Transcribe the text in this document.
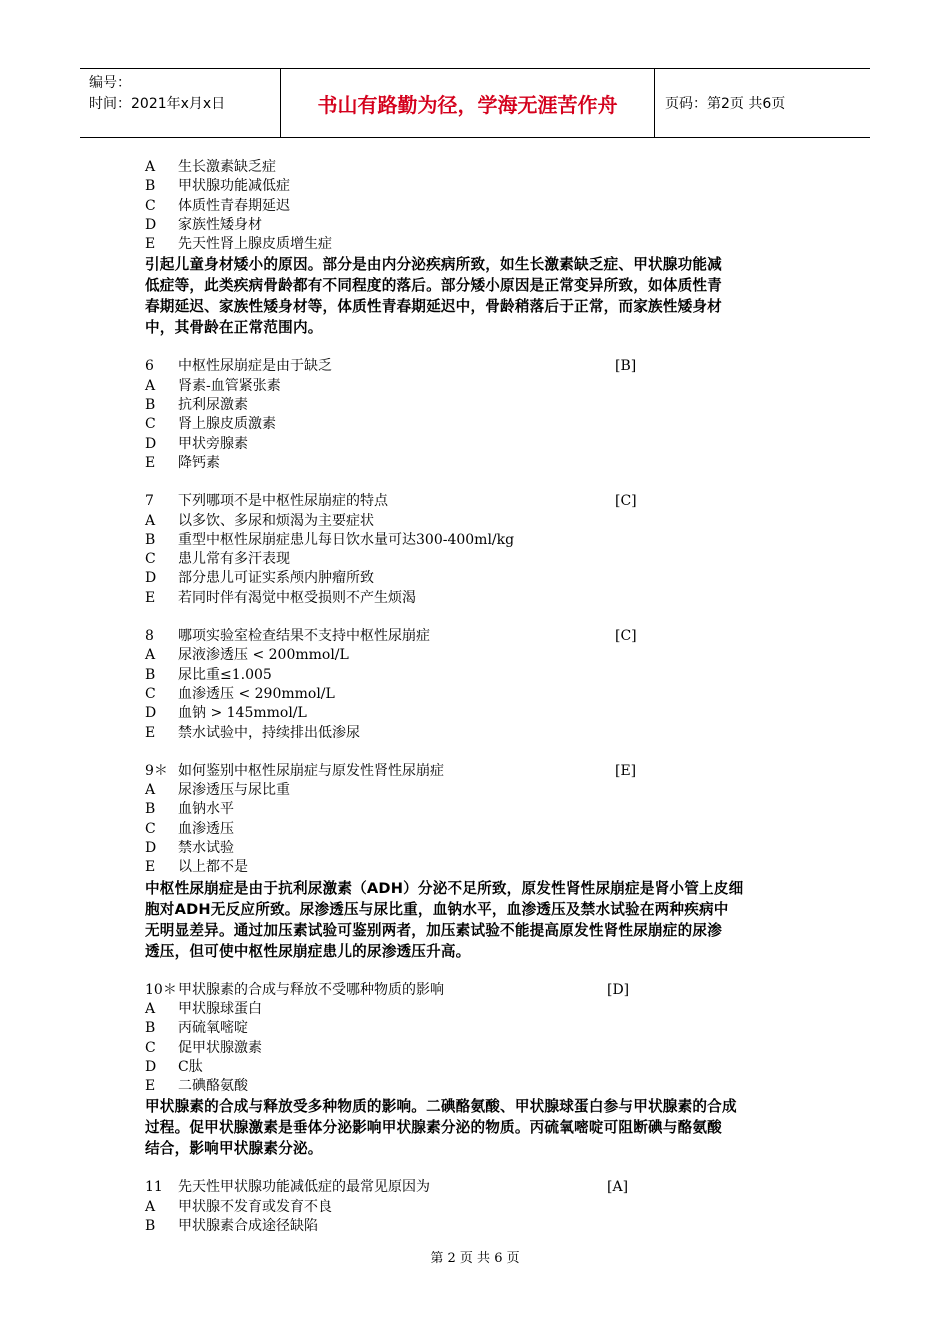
编号：
时间：2021年x月x日	书山有路勤为径，学海无涯苦作舟	页码：第2页 共6页
A 生长激素缺乏症
B 甲状腺功能减低症
C 体质性青春期延迟
D 家族性矮身材
E 先天性肾上腺皮质增生症
引起儿童身材矮小的原因。部分是由内分泌疾病所致，如生长激素缺乏症、甲状腺功能减
低症等，此类疾病骨龄都有不同程度的落后。部分矮小原因是正常变异所致，如体质性青
春期延迟、家族性矮身材等，体质性青春期延迟中，骨龄稍落后于正常，而家族性矮身材
中，其骨龄在正常范围内。
6 中枢性尿崩症是由于缺乏	[B]
A 肾素-血管紧张素
B 抗利尿激素
C 肾上腺皮质激素
D 甲状旁腺素
E 降钙素
7 下列哪项不是中枢性尿崩症的特点	[C]
A 以多饮、多尿和烦渴为主要症状
B 重型中枢性尿崩症患儿每日饮水量可达300-400ml/kg
C 患儿常有多汗表现
D 部分患儿可证实系颅内肿瘤所致
E 若同时伴有渴觉中枢受损则不产生烦渴
8 哪项实验室检查结果不支持中枢性尿崩症	[C]
A 尿液渗透压 < 200mmol/L
B 尿比重≤1.005
C 血渗透压 < 290mmol/L
D 血钠 > 145mmol/L
E 禁水试验中，持续排出低渗尿
9＊ 如何鉴别中枢性尿崩症与原发性肾性尿崩症	[E]
A 尿渗透压与尿比重
B 血钠水平
C 血渗透压
D 禁水试验
E 以上都不是
中枢性尿崩症是由于抗利尿激素（ADH）分泌不足所致，原发性肾性尿崩症是肾小管上皮细
胞对ADH无反应所致。尿渗透压与尿比重，血钠水平，血渗透压及禁水试验在两种疾病中
无明显差异。通过加压素试验可鉴别两者，加压素试验不能提高原发性肾性尿崩症的尿渗
透压，但可使中枢性尿崩症患儿的尿渗透压升高。
10＊甲状腺素的合成与释放不受哪种物质的影响	[D]
A 甲状腺球蛋白
B 丙硫氧嘧啶
C 促甲状腺激素
D C肽
E 二碘酪氨酸
甲状腺素的合成与释放受多种物质的影响。二碘酪氨酸、甲状腺球蛋白参与甲状腺素的合成
过程。促甲状腺激素是垂体分泌影响甲状腺素分泌的物质。丙硫氧嘧啶可阻断碘与酪氨酸
结合，影响甲状腺素分泌。
11 先天性甲状腺功能减低症的最常见原因为	[A]
A 甲状腺不发育或发育不良
B 甲状腺素合成途径缺陷
第 2 页 共 6 页
